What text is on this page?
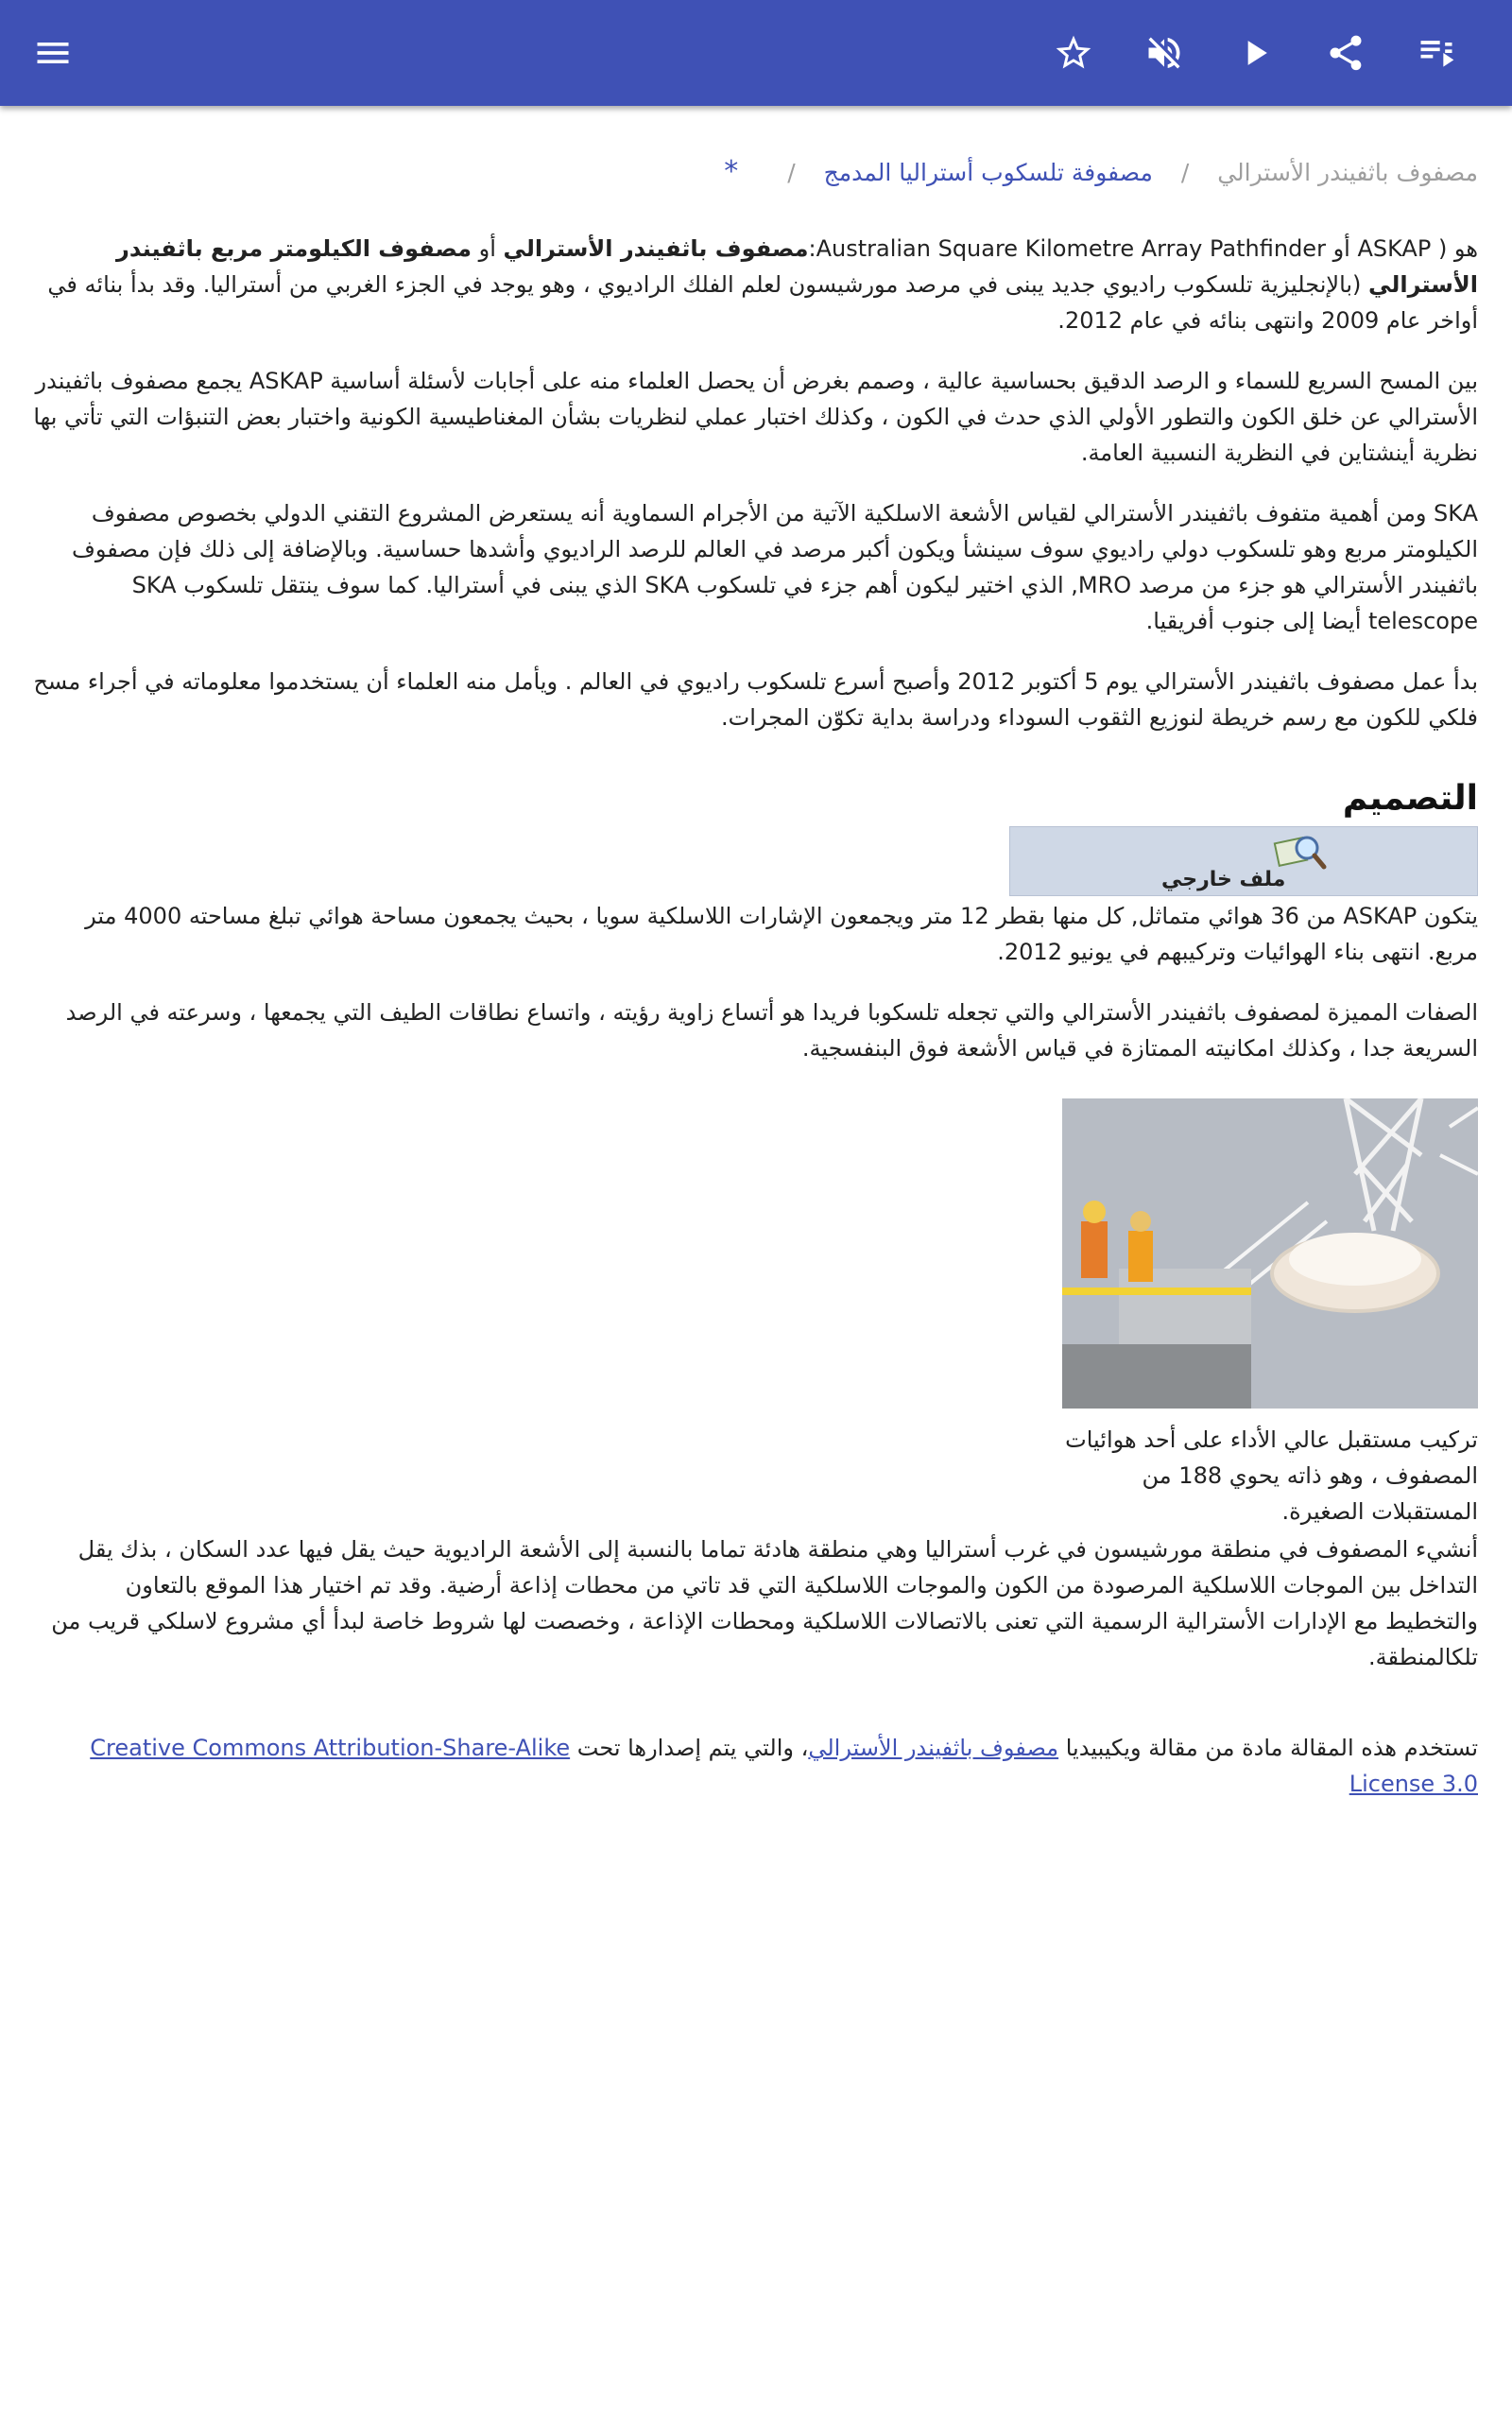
مصفوف باثفيندر الأسترالي / مصفوفة تلسكوب أستراليا المدمج / *

هو ( ASKAP أو Australian Square Kilometre Array Pathfinder:مصفوف باثفيندر الأسترالي أو مصفوف الكيلومتر مربع باثفيندر الأسترالي (بالإنجليزية تلسكوب راديوي جديد يبنى في مرصد مورشيسون لعلم الفلك الراديوي ، وهو يوجد في الجزء الغربي من أستراليا. وقد بدأ بنائه في أواخر عام 2009 وانتهى بنائه في عام 2012.

بين المسح السريع للسماء و الرصد الدقيق بحساسية عالية ، وصمم بغرض أن يحصل العلماء منه على أجابات لأسئلة أساسية ASKAP يجمع مصفوف باثفيندر الأسترالي عن خلق الكون والتطور الأولي الذي حدث في الكون ، وكذلك اختبار عملي لنظريات بشأن المغناطيسية الكونية واختبار بعض التنبؤات التي تأتي بها نظرية أينشتاين في النظرية النسبية العامة.

SKA ومن أهمية متفوف باثفيندر الأسترالي لقياس الأشعة الاسلكية الآتية من الأجرام السماوية أنه يستعرض المشروع التقني الدولي بخصوص مصفوف الكيلومتر مربع وهو تلسكوب دولي راديوي سوف سينشأ ويكون أكبر مرصد في العالم للرصد الراديوي وأشدها حساسية. وبالإضافة إلى ذلك فإن مصفوف باثفيندر الأسترالي هو جزء من مرصد MRO, الذي اختير ليكون أهم جزء في تلسكوب SKA الذي يبنى في أستراليا. كما سوف ينتقل تلسكوب SKA telescope أيضا إلى جنوب أفريقيا.

بدأ عمل مصفوف باثفيندر الأسترالي يوم 5 أكتوبر 2012 وأصبح أسرع تلسكوب راديوي في العالم . ويأمل منه العلماء أن يستخدموا معلوماته في أجراء مسح فلكي للكون مع رسم خريطة لنوزيع الثقوب السوداء ودراسة بداية تكوّن المجرات.

التصميم
ملف خارجي

يتكون ASKAP من 36 هوائي متماثل, كل منها بقطر 12 متر ويجمعون الإشارات اللاسلكية سويا ، بحيث يجمعون مساحة هوائي تبلغ مساحته 4000 متر مربع. انتهى بناء الهوائيات وتركيبهم في يونيو 2012.

الصفات المميزة لمصفوف باثفيندر الأسترالي والتي تجعله تلسكوبا فريدا هو أتساع زاوية رؤيته ، واتساع نطاقات الطيف التي يجمعها ، وسرعته في الرصد السريعة جدا ، وكذلك امكانيته الممتازة في قياس الأشعة فوق البنفسجية.

تركيب مستقبل عالي الأداء على أحد هوائيات المصفوف ، وهو ذاته يحوي 188 من المستقبلات الصغيرة.

أنشيء المصفوف في منطقة مورشيسون في غرب أستراليا وهي منطقة هادئة تماما بالنسبة إلى الأشعة الراديوية حيث يقل فيها عدد السكان ، بذك يقل التداخل بين الموجات اللاسلكية المرصودة من الكون والموجات اللاسلكية التي قد تاتي من محطات إذاعة أرضية. وقد تم اختيار هذا الموقع بالتعاون والتخطيط مع الإدارات الأسترالية الرسمية التي تعنى بالاتصالات اللاسلكية ومحطات الإذاعة ، وخصصت لها شروط خاصة لبدأ أي مشروع لاسلكي قريب من تلكالمنطقة.

تستخدم هذه المقالة مادة من مقالة ويكيبيديا مصفوف باثفيندر الأسترالي، والتي يتم إصدارها تحت Creative Commons Attribution-Share-Alike License 3.0
